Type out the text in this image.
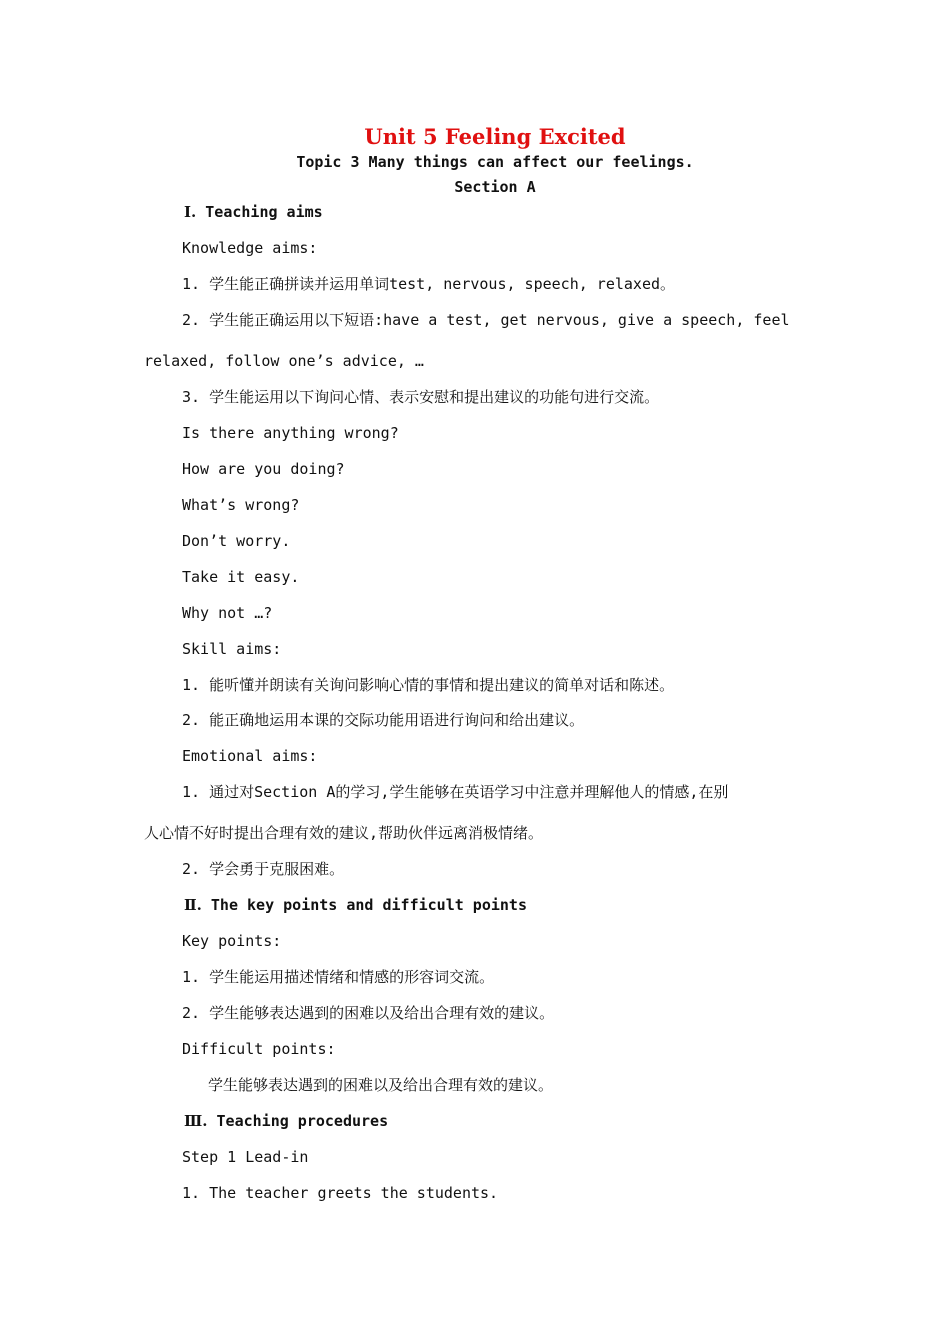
Unit 5 Feeling Excited
Topic 3 Many things can affect our feelings.
Section A
Ⅰ. Teaching aims
Knowledge aims:
1. 学生能正确拼读并运用单词test, nervous, speech, relaxed。
2. 学生能正确运用以下短语:have a test, get nervous, give a speech, feel
relaxed, follow one’s advice, …
3. 学生能运用以下询问心情、表示安慰和提出建议的功能句进行交流。
Is there anything wrong?
How are you doing?
What’s wrong?
Don’t worry.
Take it easy.
Why not …?
Skill aims:
1. 能听懂并朗读有关询问影响心情的事情和提出建议的简单对话和陈述。
2. 能正确地运用本课的交际功能用语进行询问和给出建议。
Emotional aims:
1. 通过对Section A的学习,学生能够在英语学习中注意并理解他人的情感,在别
人心情不好时提出合理有效的建议,帮助伙伴远离消极情绪。
2. 学会勇于克服困难。
Ⅱ. The key points and difficult points
Key points:
1. 学生能运用描述情绪和情感的形容词交流。
2. 学生能够表达遇到的困难以及给出合理有效的建议。
Difficult points:
学生能够表达遇到的困难以及给出合理有效的建议。
Ⅲ. Teaching procedures
Step 1 Lead-in
1. The teacher greets the students.
